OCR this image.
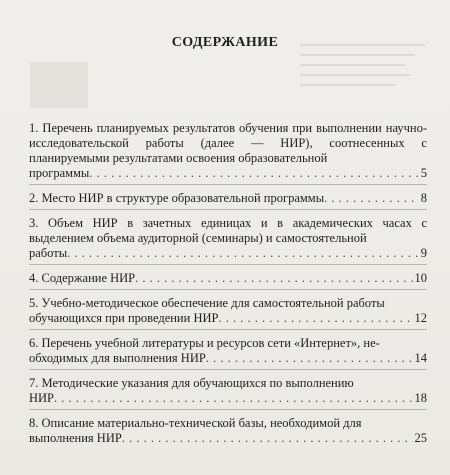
СОДЕРЖАНИЕ
1. Перечень планируемых результатов обучения при выполнении научно-исследовательской работы (далее — НИР), соотнесенных с планируемыми результатами освоения образовательной
программы . . .	5
2. Место НИР в структуре образовательной программы . . .	8
3. Объем НИР в зачетных единицах и в академических часах с выделением объема аудиторной (семинары) и самостоятельной
работы . . .	9
4. Содержание НИР . . .	10
5. Учебно-методическое обеспечение для самостоятельной работы
обучающихся при проведении НИР . . .	12
6. Перечень учебной литературы и ресурсов сети «Интернет», не-
обходимых для выполнения НИР . . .	14
7. Методические указания для обучающихся по выполнению
НИР . . .	18
8. Описание материально-технической базы, необходимой для
выполнения НИР . . .	25
